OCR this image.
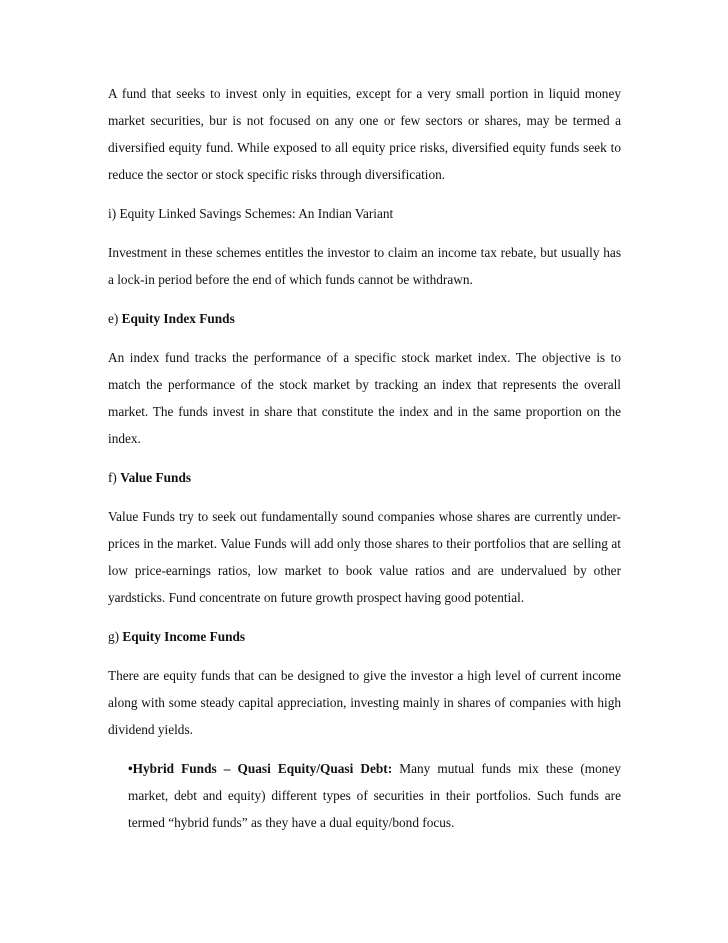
A fund that seeks to invest only in equities, except for a very small portion in liquid money market securities, bur is not focused on any one or few sectors or shares, may be termed a diversified equity fund. While exposed to all equity price risks, diversified equity funds seek to reduce the sector or stock specific risks through diversification.

i) Equity Linked Savings Schemes: An Indian Variant

Investment in these schemes entitles the investor to claim an income tax rebate, but usually has a lock-in period before the end of which funds cannot be withdrawn.

e) Equity Index Funds

An index fund tracks the performance of a specific stock market index. The objective is to match the performance of the stock market by tracking an index that represents the overall market. The funds invest in share that constitute the index and in the same proportion on the index.

f) Value Funds

Value Funds try to seek out fundamentally sound companies whose shares are currently under-prices in the market. Value Funds will add only those shares to their portfolios that are selling at low price-earnings ratios, low market to book value ratios and are undervalued by other yardsticks. Fund concentrate on future growth prospect having good potential.

g) Equity Income Funds

There are equity funds that can be designed to give the investor a high level of current income along with some steady capital appreciation, investing mainly in shares of companies with high dividend yields.

•Hybrid Funds – Quasi Equity/Quasi Debt: Many mutual funds mix these (money market, debt and equity) different types of securities in their portfolios. Such funds are termed “hybrid funds” as they have a dual equity/bond focus.
